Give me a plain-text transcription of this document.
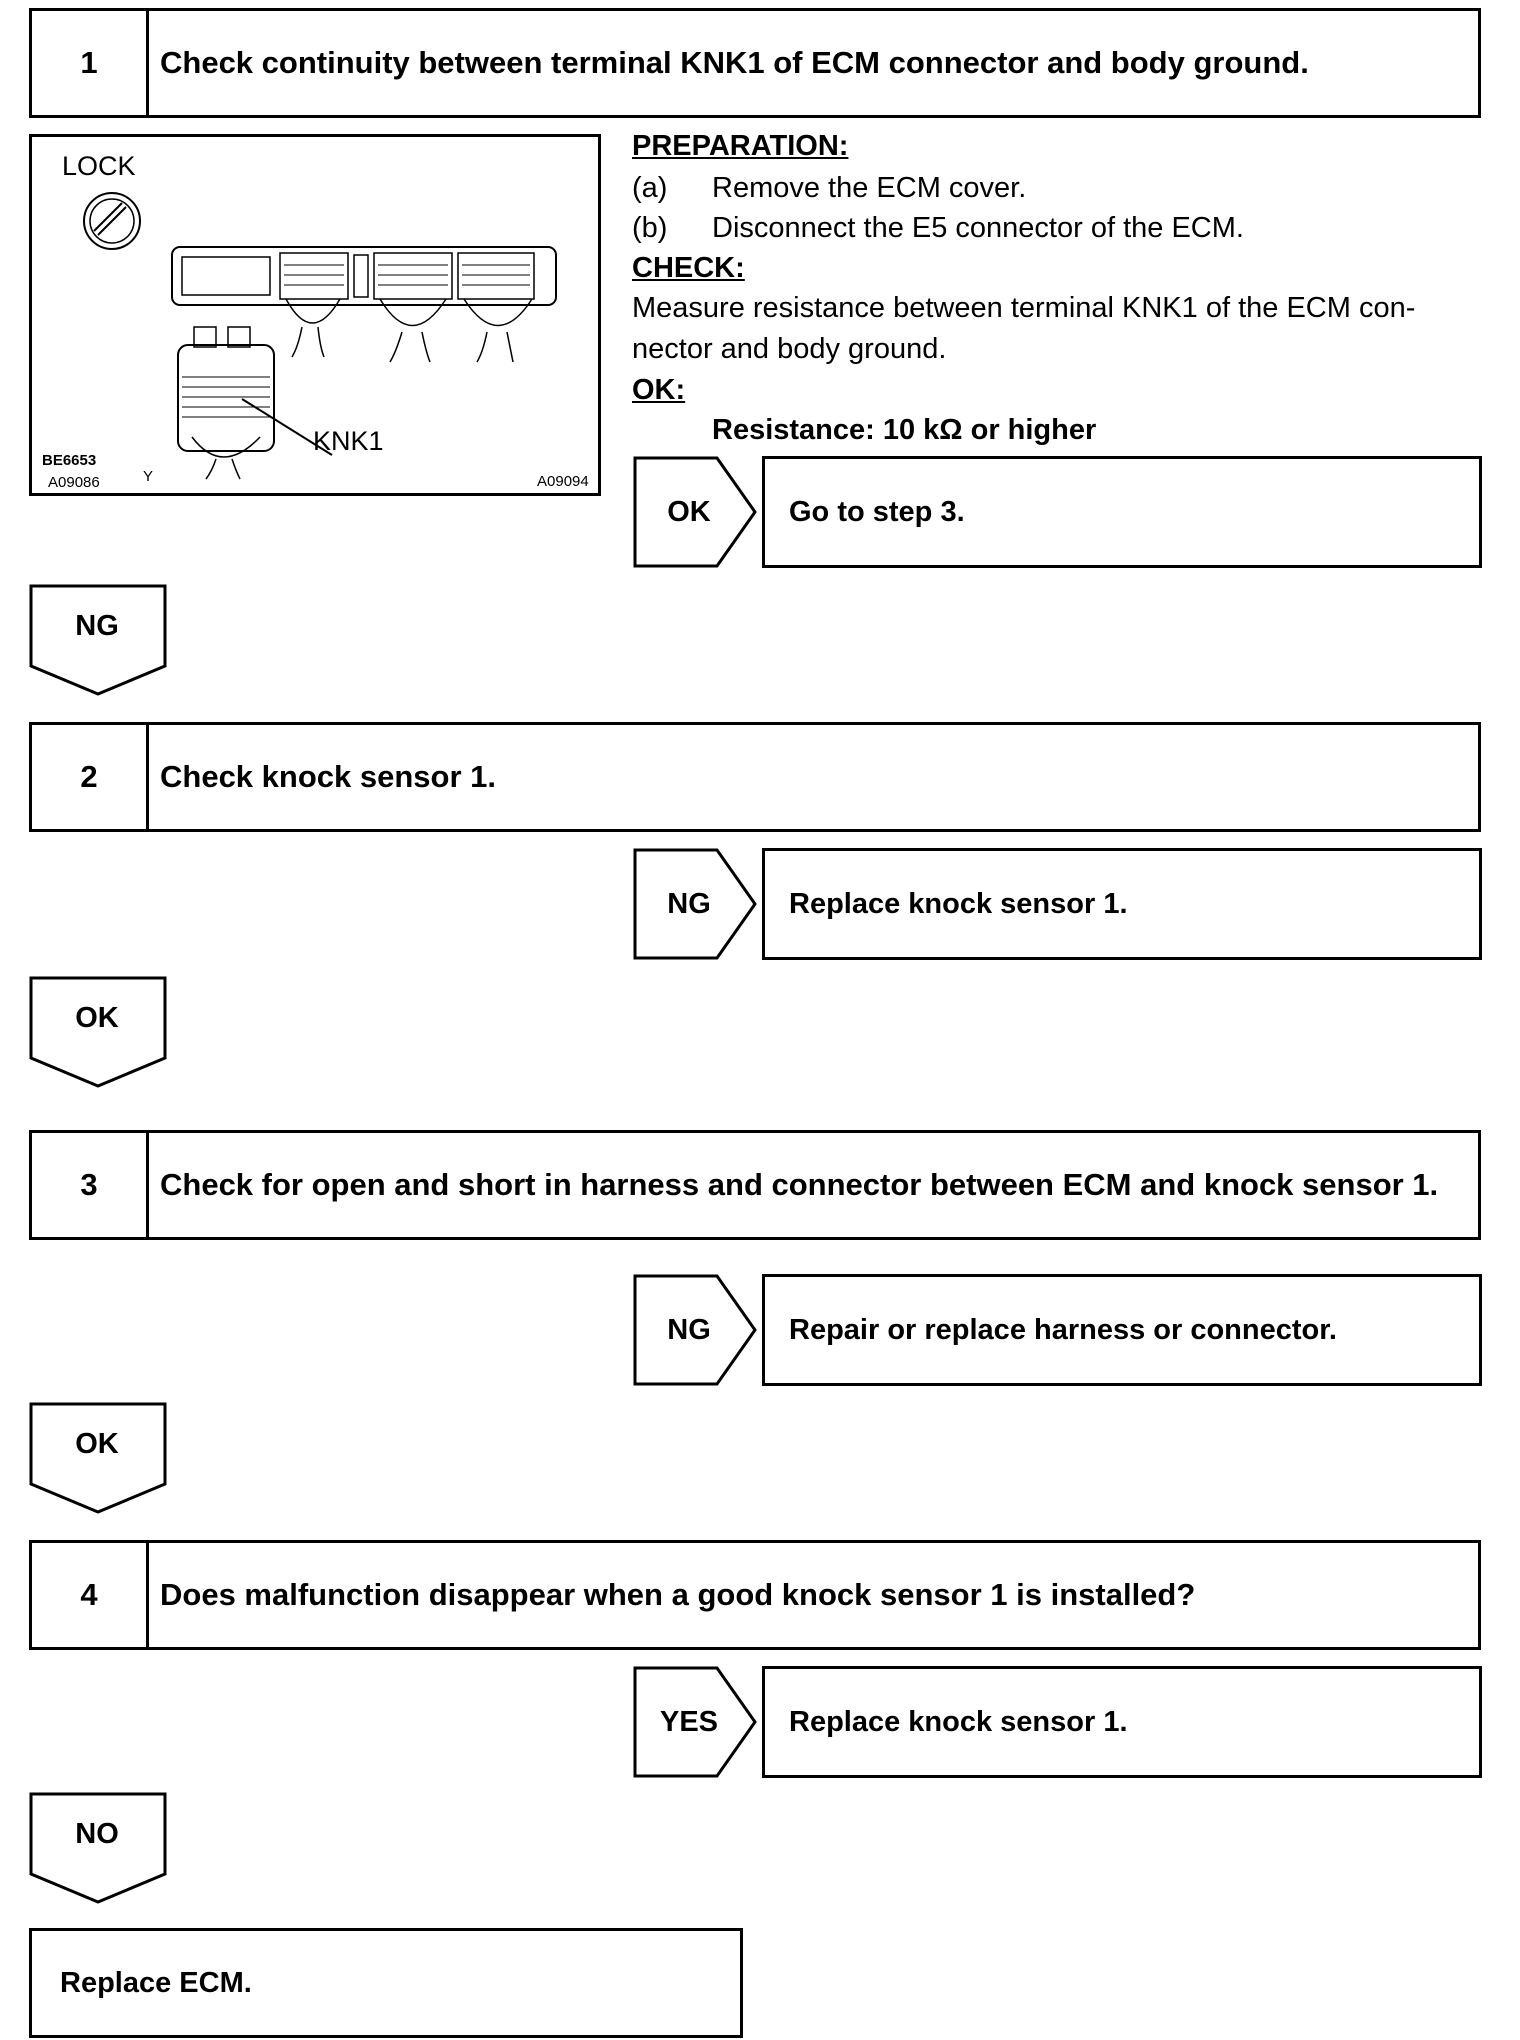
1	Check continuity between terminal KNK1 of ECM connector and body ground.
LOCK
KNK1
BE6653
A09086	Y	A09094
PREPARATION:
(a) Remove the ECM cover.
(b) Disconnect the E5 connector of the ECM.
CHECK:
Measure resistance between terminal KNK1 of the ECM con-
nector and body ground.
OK:
Resistance: 10 kΩ or higher
OK	Go to step 3.
NG
2	Check knock sensor 1.
NG	Replace knock sensor 1.
OK
3	Check for open and short in harness and connector between ECM and knock sensor 1.
NG	Repair or replace harness or connector.
OK
4	Does malfunction disappear when a good knock sensor 1 is installed?
YES	Replace knock sensor 1.
NO
Replace ECM.
